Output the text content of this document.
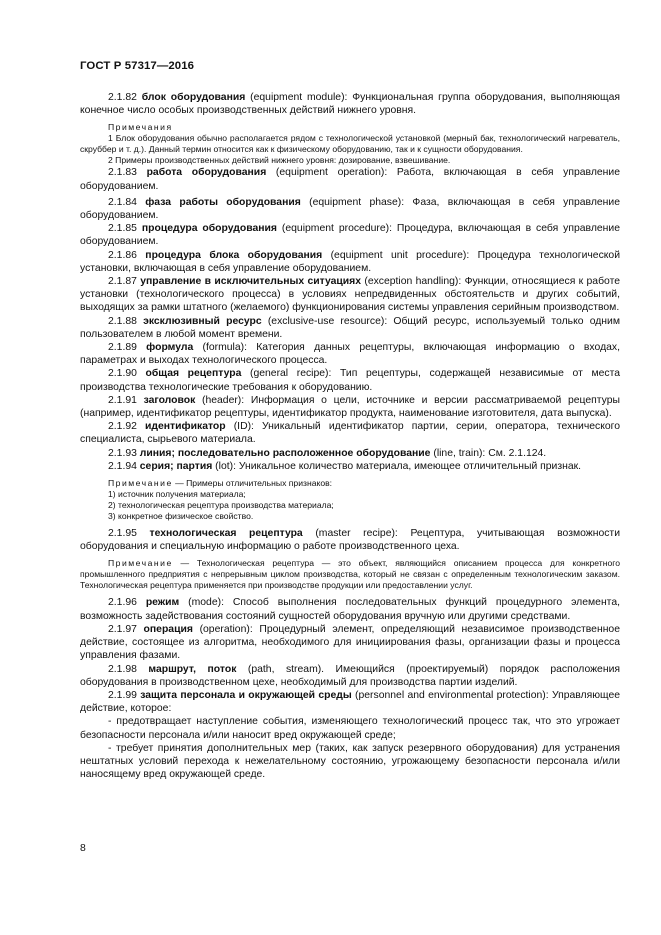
ГОСТ Р 57317—2016

2.1.82 блок оборудования (equipment module): Функциональная группа оборудования, выполняющая конечное число особых производственных действий нижнего уровня.

Примечания

1 Блок оборудования обычно располагается рядом с технологической установкой (мерный бак, технологический нагреватель, скруббер и т. д.). Данный термин относится как к физическому оборудованию, так и к сущности оборудования.

2 Примеры производственных действий нижнего уровня: дозирование, взвешивание.

2.1.83 работа оборудования (equipment operation): Работа, включающая в себя управление оборудованием.

2.1.84 фаза работы оборудования (equipment phase): Фаза, включающая в себя управление оборудованием.

2.1.85 процедура оборудования (equipment procedure): Процедура, включающая в себя управление оборудованием.

2.1.86 процедура блока оборудования (equipment unit procedure): Процедура технологической установки, включающая в себя управление оборудованием.

2.1.87 управление в исключительных ситуациях (exception handling): Функции, относящиеся к работе установки (технологического процесса) в условиях непредвиденных обстоятельств и других событий, выходящих за рамки штатного (желаемого) функционирования системы управления серийным производством.

2.1.88 эксклюзивный ресурс (exclusive-use resource): Общий ресурс, используемый только одним пользователем в любой момент времени.

2.1.89 формула (formula): Категория данных рецептуры, включающая информацию о входах, параметрах и выходах технологического процесса.

2.1.90 общая рецептура (general recipe): Тип рецептуры, содержащей независимые от места производства технологические требования к оборудованию.

2.1.91 заголовок (header): Информация о цели, источнике и версии рассматриваемой рецептуры (например, идентификатор рецептуры, идентификатор продукта, наименование изготовителя, дата выпуска).

2.1.92 идентификатор (ID): Уникальный идентификатор партии, серии, оператора, технического специалиста, сырьевого материала.

2.1.93 линия; последовательно расположенное оборудование (line, train): См. 2.1.124.

2.1.94 серия; партия (lot): Уникальное количество материала, имеющее отличительный признак.

Примечание — Примеры отличительных признаков:

1) источник получения материала;

2) технологическая рецептура производства материала;

3) конкретное физическое свойство.

2.1.95 технологическая рецептура (master recipe): Рецептура, учитывающая возможности оборудования и специальную информацию о работе производственного цеха.

Примечание — Технологическая рецептура — это объект, являющийся описанием процесса для конкретного промышленного предприятия с непрерывным циклом производства, который не связан с определенным технологическим заказом. Технологическая рецептура применяется при производстве продукции или предоставлении услуг.

2.1.96 режим (mode): Способ выполнения последовательных функций процедурного элемента, возможность задействования состояний сущностей оборудования вручную или другими средствами.

2.1.97 операция (operation): Процедурный элемент, определяющий независимое производственное действие, состоящее из алгоритма, необходимого для инициирования фазы, организации фазы и процесса управления фазами.

2.1.98 маршрут, поток (path, stream). Имеющийся (проектируемый) порядок расположения оборудования в производственном цехе, необходимый для производства партии изделий.

2.1.99 защита персонала и окружающей среды (personnel and environmental protection): Управляющее действие, которое:

- предотвращает наступление события, изменяющего технологический процесс так, что это угрожает безопасности персонала и/или наносит вред окружающей среде;

- требует принятия дополнительных мер (таких, как запуск резервного оборудования) для устранения нештатных условий перехода к нежелательному состоянию, угрожающему безопасности персонала и/или наносящему вред окружающей среде.

8
